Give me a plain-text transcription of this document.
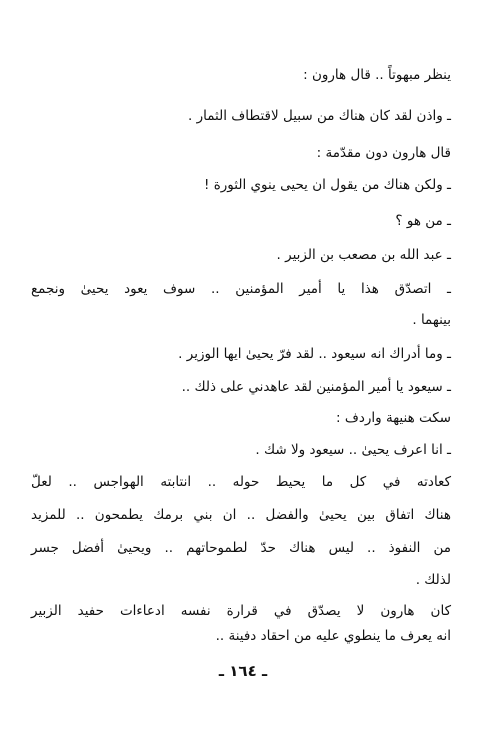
ينظر مبهوتاً .. قال هارون :
ـ واذن لقد كان هناك من سبيل لاقتطاف الثمار .
قال هارون دون مقدّمة :
ـ ولكن هناك من يقول ان يحيى ينوي الثورة !
ـ من هو ؟
ـ عبد الله بن مصعب بن الزبير .
ـ اتصدّق هذا يا أمير المؤمنين .. سوف يعود يحيىٰ ونجمع
بينهما .
ـ وما أدراك انه سيعود .. لقد فرّ يحيىٰ ايها الوزير .
ـ سيعود يا أمير المؤمنين لقد عاهدني على ذلك ..
سكت هنيهة واردف :
ـ انا اعرف يحيىٰ .. سيعود ولا شك .
كعادته في كل ما يحيط حوله .. انتابته الهواجس .. لعلّ
هناك اتفاق بين يحيىٰ والفضل .. ان بني برمك يطمحون .. للمزيد
من النفوذ .. ليس هناك حدّ لطموحاتهم .. ويحيىٰ أفضل جسر
لذلك .
كان هارون لا يصدّق في قرارة نفسه ادعاءات حفيد الزبير
انه يعرف ما ينطوي عليه من احقاد دفينة ..
ـ ١٦٤ ـ
